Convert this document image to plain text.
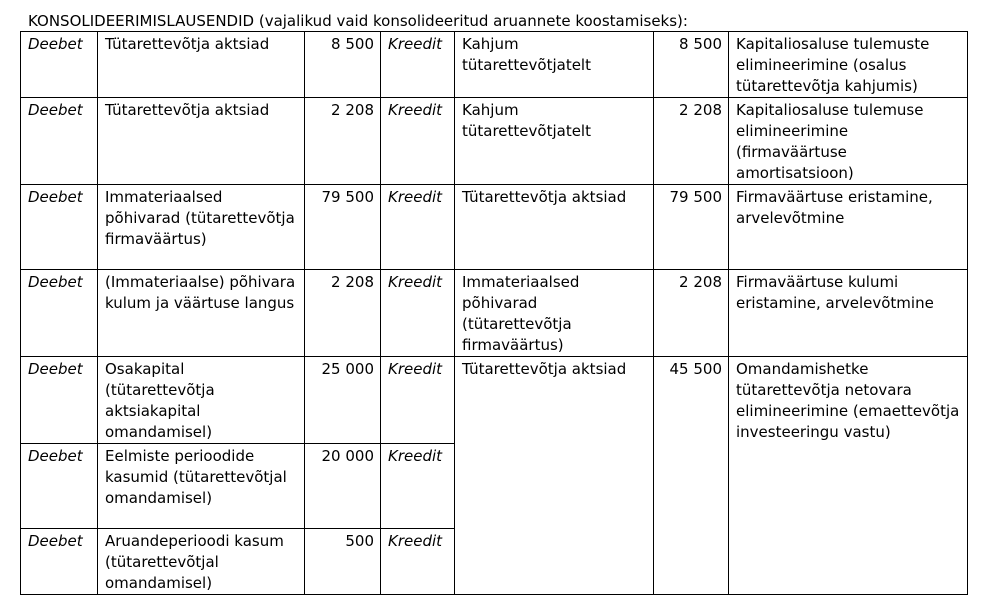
KONSOLIDEERIMISLAUSENDID (vajalikud vaid konsolideeritud aruannete koostamiseks):
Deebet	Tütarettevõtja aktsiad	8 500	Kreedit	Kahjum tütarettevõtjatelt	8 500	Kapitaliosaluse tulemuste elimineerimine (osalus tütarettevõtja kahjumis)
Deebet	Tütarettevõtja aktsiad	2 208	Kreedit	Kahjum tütarettevõtjatelt	2 208	Kapitaliosaluse tulemuse elimineerimine (firmaväärtuse amortisatsioon)
Deebet	Immateriaalsed põhivarad (tütarettevõtja firmaväärtus)	79 500	Kreedit	Tütarettevõtja aktsiad	79 500	Firmaväärtuse eristamine, arvelevõtmine
Deebet	(Immateriaalse) põhivara kulum ja väärtuse langus	2 208	Kreedit	Immateriaalsed põhivarad (tütarettevõtja firmaväärtus)	2 208	Firmaväärtuse kulumi eristamine, arvelevõtmine
Deebet	Osakapital (tütarettevõtja aktsiakapital omandamisel)	25 000	Kreedit	Tütarettevõtja aktsiad	45 500	Omandamishetke tütarettevõtja netovara elimineerimine (emaettevõtja investeeringu vastu)
Deebet	Eelmiste perioodide kasumid (tütarettevõtjal omandamisel)	20 000	Kreedit			
Deebet	Aruandeperioodi kasum (tütarettevõtjal omandamisel)	500	Kreedit			
